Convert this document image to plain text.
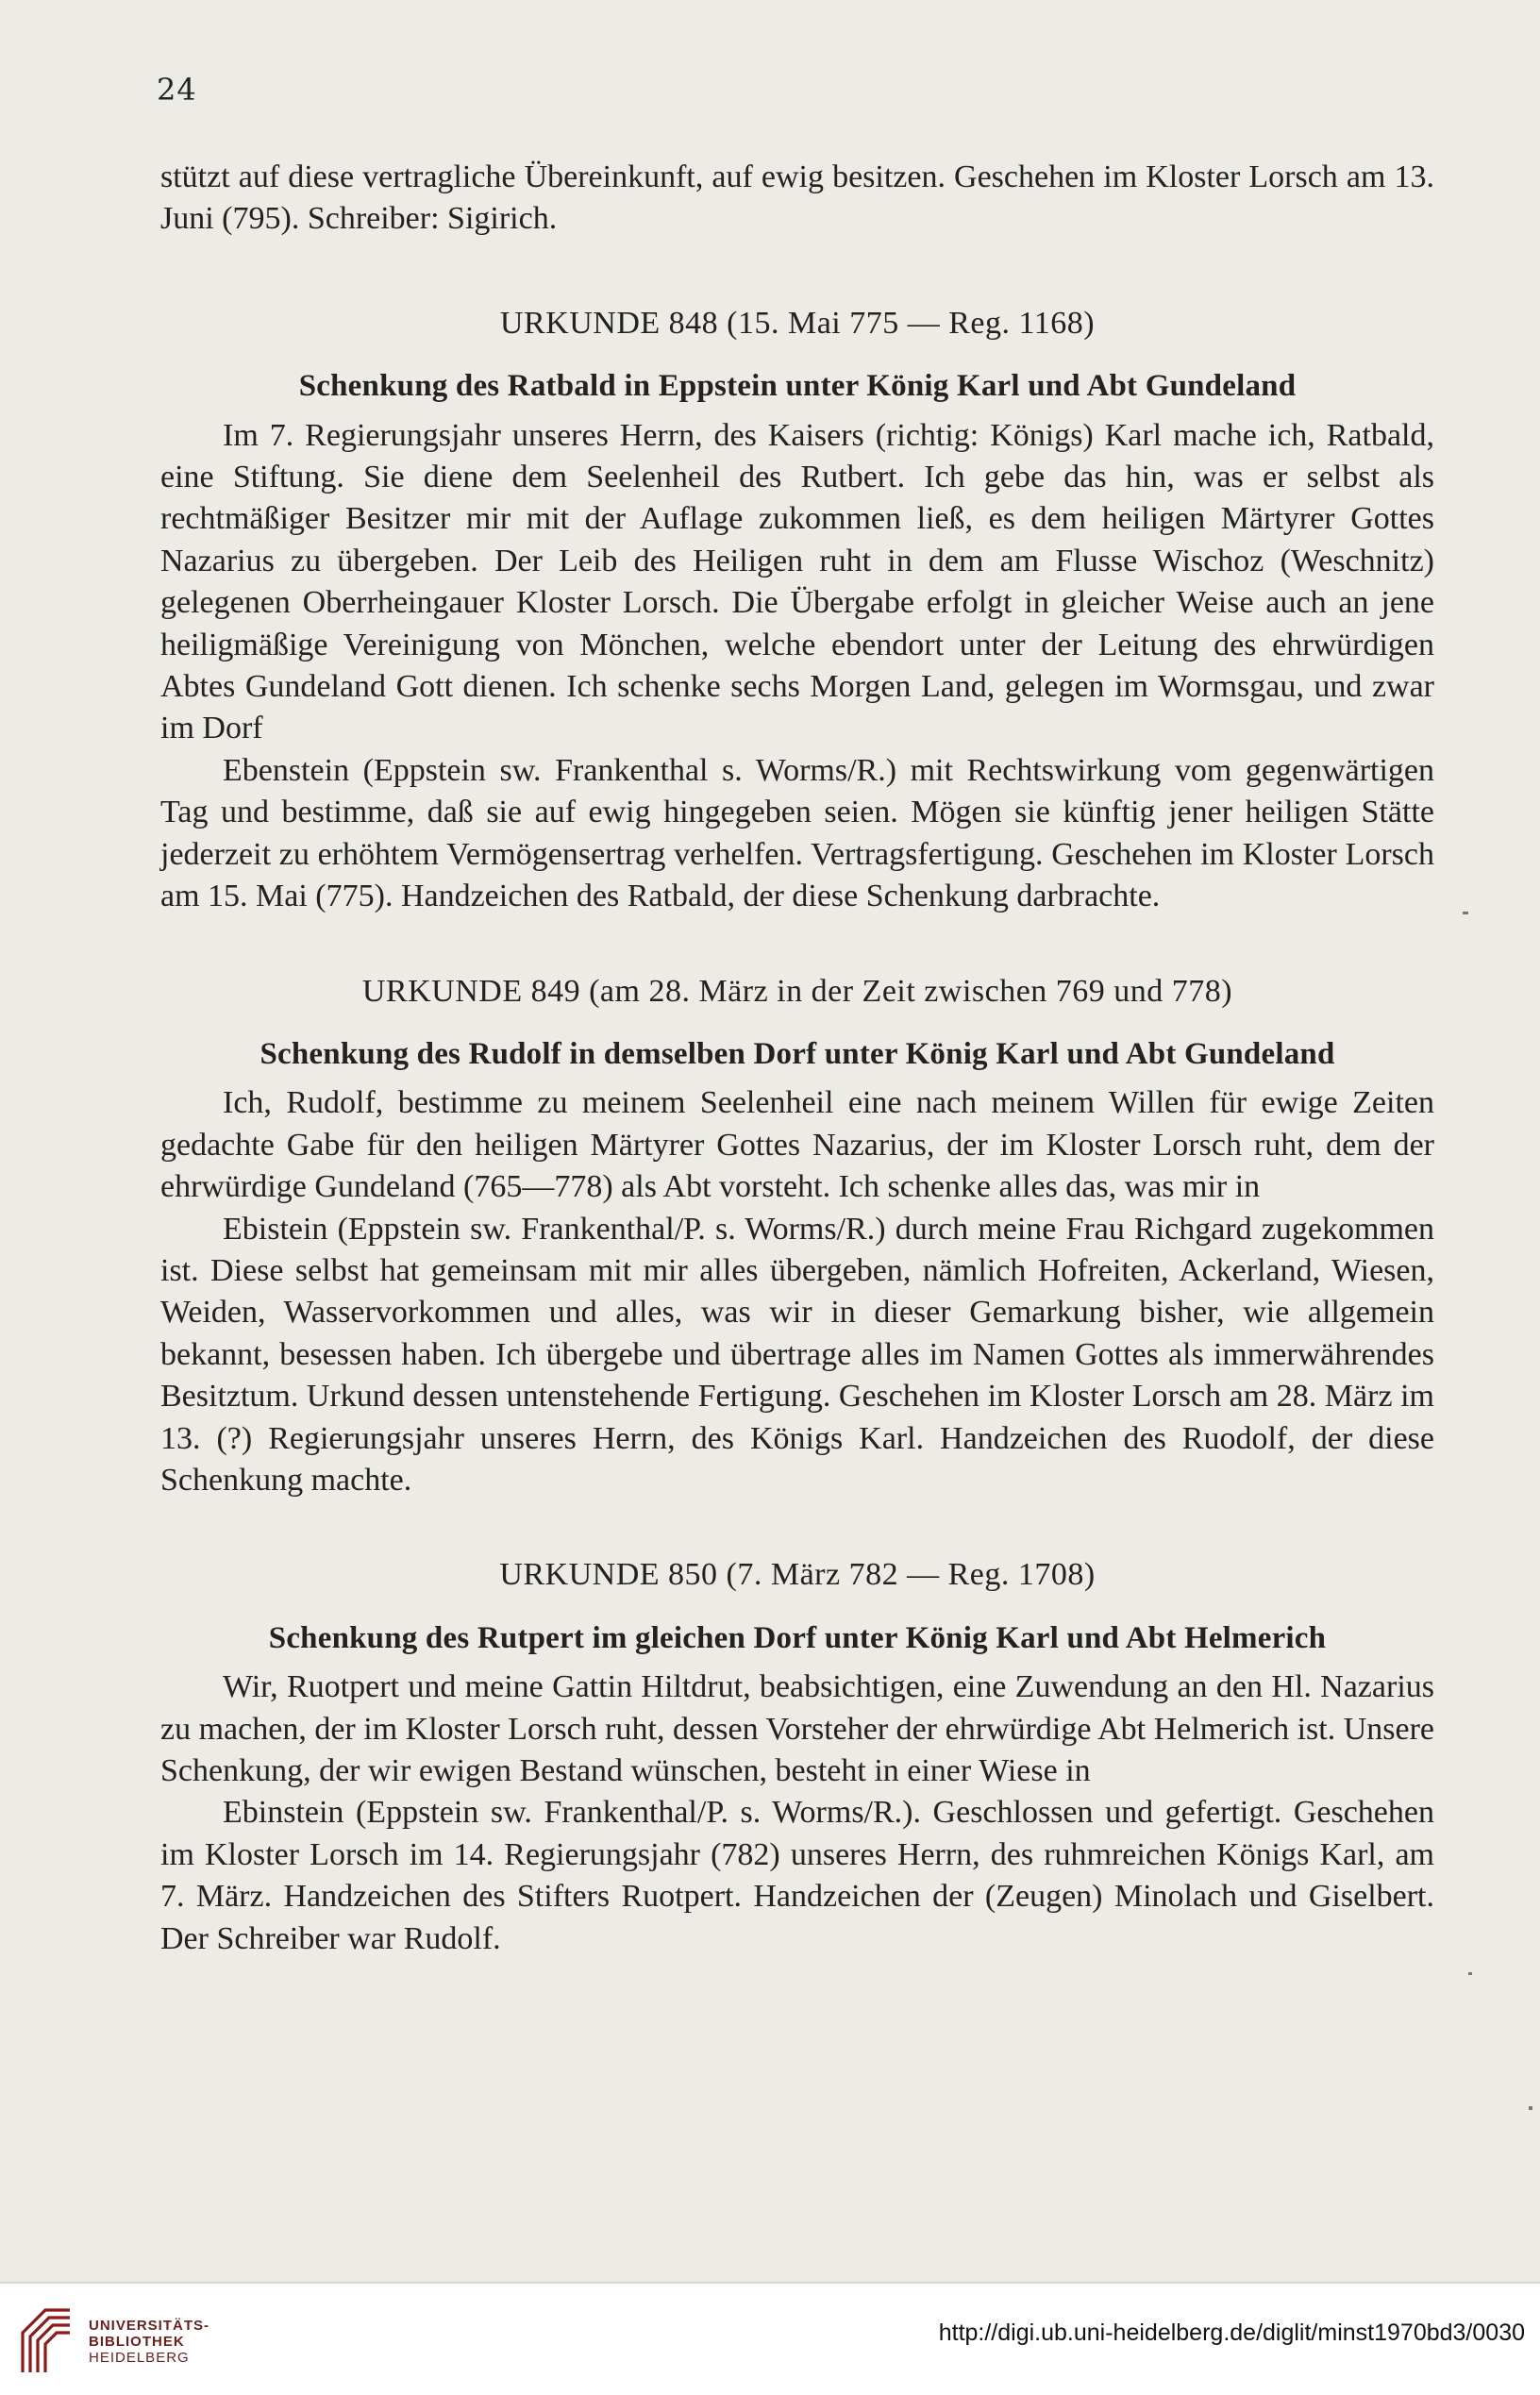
24

stützt auf diese vertragliche Übereinkunft, auf ewig besitzen. Geschehen im Kloster Lorsch am 13. Juni (795). Schreiber: Sigirich.

URKUNDE 848 (15. Mai 775 — Reg. 1168)
Schenkung des Ratbald in Eppstein unter König Karl und Abt Gundeland

Im 7. Regierungsjahr unseres Herrn, des Kaisers (richtig: Königs) Karl mache ich, Ratbald, eine Stiftung. Sie diene dem Seelenheil des Rutbert. Ich gebe das hin, was er selbst als rechtmäßiger Besitzer mir mit der Auflage zukommen ließ, es dem heiligen Märtyrer Gottes Nazarius zu übergeben. Der Leib des Heiligen ruht in dem am Flusse Wischoz (Weschnitz) gelegenen Oberrheingauer Kloster Lorsch. Die Übergabe erfolgt in gleicher Weise auch an jene heiligmäßige Vereinigung von Mönchen, welche ebendort unter der Leitung des ehrwürdigen Abtes Gundeland Gott dienen. Ich schenke sechs Morgen Land, gelegen im Wormsgau, und zwar im Dorf

Ebenstein (Eppstein sw. Frankenthal s. Worms/R.) mit Rechtswirkung vom gegenwärtigen Tag und bestimme, daß sie auf ewig hingegeben seien. Mögen sie künftig jener heiligen Stätte jederzeit zu erhöhtem Vermögensertrag verhelfen. Vertragsfertigung. Geschehen im Kloster Lorsch am 15. Mai (775). Handzeichen des Ratbald, der diese Schenkung darbrachte.

URKUNDE 849 (am 28. März in der Zeit zwischen 769 und 778)
Schenkung des Rudolf in demselben Dorf unter König Karl und Abt Gundeland

Ich, Rudolf, bestimme zu meinem Seelenheil eine nach meinem Willen für ewige Zeiten gedachte Gabe für den heiligen Märtyrer Gottes Nazarius, der im Kloster Lorsch ruht, dem der ehrwürdige Gundeland (765—778) als Abt vorsteht. Ich schenke alles das, was mir in

Ebistein (Eppstein sw. Frankenthal/P. s. Worms/R.) durch meine Frau Richgard zugekommen ist. Diese selbst hat gemeinsam mit mir alles übergeben, nämlich Hofreiten, Ackerland, Wiesen, Weiden, Wasservorkommen und alles, was wir in dieser Gemarkung bisher, wie allgemein bekannt, besessen haben. Ich übergebe und übertrage alles im Namen Gottes als immerwährendes Besitztum. Urkund dessen untenstehende Fertigung. Geschehen im Kloster Lorsch am 28. März im 13. (?) Regierungsjahr unseres Herrn, des Königs Karl. Handzeichen des Ruodolf, der diese Schenkung machte.

URKUNDE 850 (7. März 782 — Reg. 1708)
Schenkung des Rutpert im gleichen Dorf unter König Karl und Abt Helmerich

Wir, Ruotpert und meine Gattin Hiltdrut, beabsichtigen, eine Zuwendung an den Hl. Nazarius zu machen, der im Kloster Lorsch ruht, dessen Vorsteher der ehrwürdige Abt Helmerich ist. Unsere Schenkung, der wir ewigen Bestand wünschen, besteht in einer Wiese in

Ebinstein (Eppstein sw. Frankenthal/P. s. Worms/R.). Geschlossen und gefertigt. Geschehen im Kloster Lorsch im 14. Regierungsjahr (782) unseres Herrn, des ruhmreichen Königs Karl, am 7. März. Handzeichen des Stifters Ruotpert. Handzeichen der (Zeugen) Minolach und Giselbert. Der Schreiber war Rudolf.

UNIVERSITÄTS-
BIBLIOTHEK
HEIDELBERG
http://digi.ub.uni-heidelberg.de/diglit/minst1970bd3/0030
